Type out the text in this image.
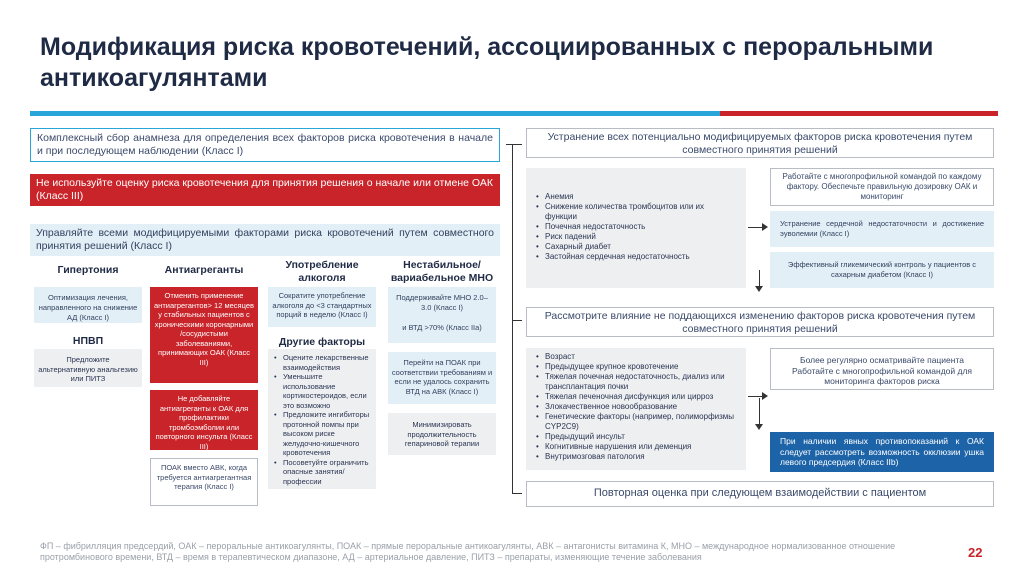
Модификация риска кровотечений, ассоциированных с пероральными антикоагулянтами
Комплексный сбор анамнеза для определения всех факторов риска кровотечения в начале и при последующем наблюдении (Класс I)
Не используйте оценку риска кровотечения для принятия решения о начале или отмене ОАК (Класс III)
Управляйте всеми модифицируемыми факторами риска кровотечений путем совместного принятия решений (Класс I)
Гипертония	Антиагреганты	Употребление алкоголя
Нестабильное/ вариабельное МНО
Оптимизация лечения, направленного на снижение АД (Класс I)
НПВП
Предложите альтернативную анальгезию или ПИТЗ
Отменить применение антиагрегантов> 12 месяцев у стабильных пациентов с хроническими коронарными /сосудистыми заболеваниями, принимающих ОАК (Класс III)
Не добавляйте антиагреганты к ОАК для профилактики тромбоэмболии или повторного инсульта (Класс III)
ПОАК вместо АВК, когда требуется антиагрегантная терапия (Класс I)
Сократите употребление алкоголя до <3 стандартных порций в неделю (Класс I)
Другие факторы
• Оцените лекарственные взаимодействия
• Уменьшите использование кортикостероидов, если это возможно
• Предложите ингибиторы протонной помпы при высоком риске желудочно-кишечного кровотечения
• Посоветуйте ограничить опасные занятия/профессии
Поддерживайте МНО 2.0–3.0 (Класс I)
и ВТД >70% (Класс IIa)
Перейти на ПОАК при соответствии требованиям и если не удалось сохранить ВТД на АВК (Класс I)
Минимизировать продолжительность гепариновой терапии
Устранение всех потенциально модифицируемых факторов риска кровотечения путем совместного принятия решений
• Анемия
• Снижение количества тромбоцитов или их функции
• Почечная недостаточность
• Риск падений
• Сахарный диабет
• Застойная сердечная недостаточность
Работайте с многопрофильной командой по каждому фактору. Обеспечьте правильную дозировку ОАК и мониторинг
Устранение сердечной недостаточности и достижение эуволемии (Класс I)
Эффективный гликемический контроль у пациентов с сахарным диабетом (Класс I)
Рассмотрите влияние не поддающихся изменению факторов риска кровотечения путем совместного принятия решений
• Возраст
• Предыдущее крупное кровотечение
• Тяжелая почечная недостаточность, диализ или трансплантация почки
• Тяжелая печеночная дисфункция или цирроз
• Злокачественное новообразование
• Генетические факторы (например, полиморфизмы CYP2C9)
• Предыдущий инсульт
• Когнитивные нарушения или деменция
• Внутримозговая патология
Более регулярно осматривайте пациента Работайте с многопрофильной командой для мониторинга факторов риска
При наличии явных противопоказаний к ОАК следует рассмотреть возможность окклюзии ушка левого предсердия (Класс IIb)
Повторная оценка при следующем взаимодействии с пациентом
ФП – фибрилляция предсердий, ОАК – пероральные антикоагулянты, ПОАК – прямые пероральные антикоагулянты, АВК – антагонисты витамина К, МНО – международное нормализованное отношение протромбинового времени, ВТД – время в терапевтическом диапазоне, АД – артериальное давление, ПИТЗ – препараты, изменяющие течение заболевания	22
